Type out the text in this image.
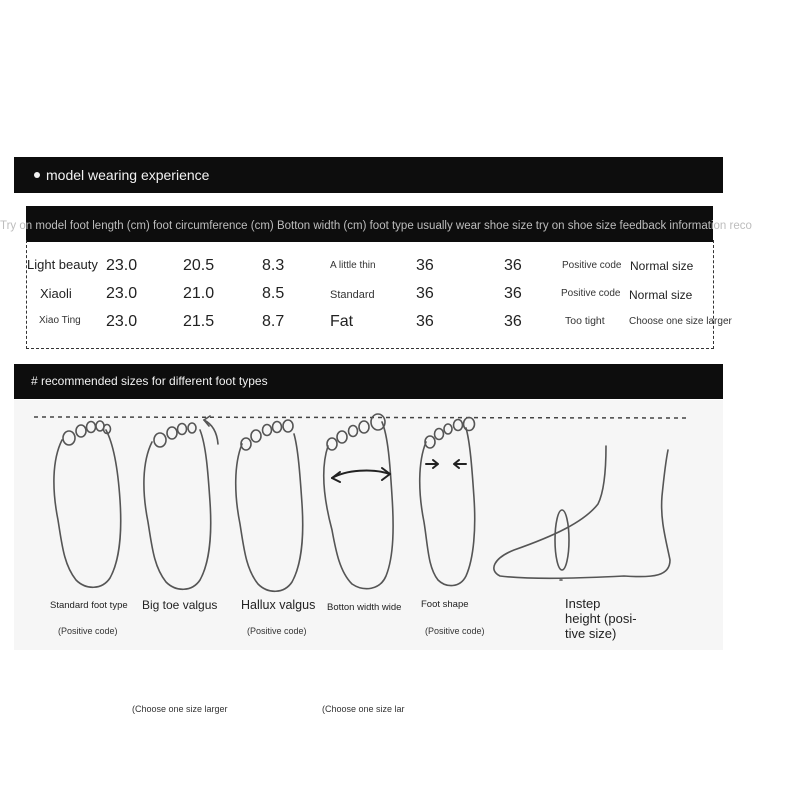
model wearing experience
Try on model foot length (cm) foot circumference (cm) Botton width (cm) foot type usually wear shoe size try on shoe size feedback information reco
Light beauty 23.0	20.5	8.3	A little thin	36	36	Positive code Normal size
Xiaoli 23.0	21.0	8.5	Standard	36	36	Positive code Normal size
Xiao Ting 23.0	21.5	8.7	Fat	36	36	Too tight Choose one size larger
# recommended sizes for different foot types
Standard foot type Big toe valgus Hallux valgus Botton width wide Foot shape	Instep
height (posi-
tive size)
(Positive code)	(Positive code)	(Positive code)
(Choose one size larger	(Choose one size lar
